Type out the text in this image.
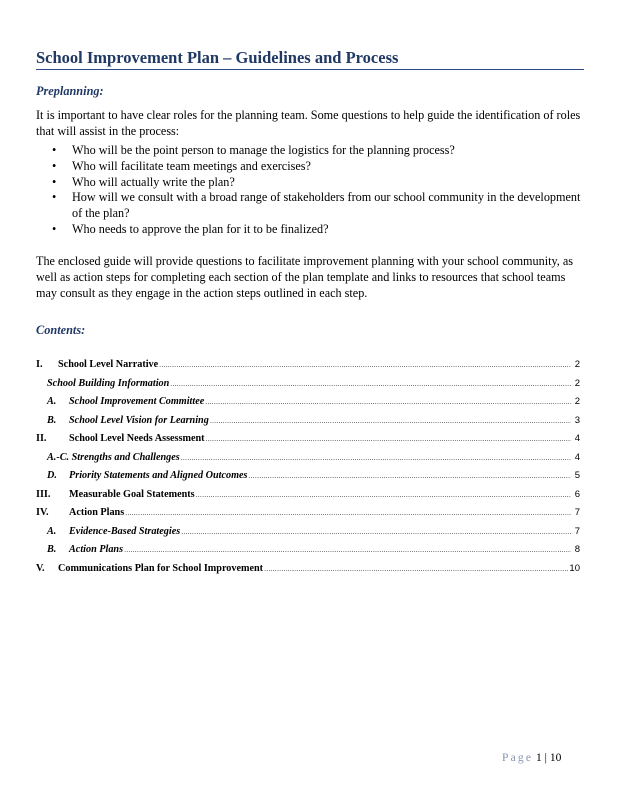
School Improvement Plan – Guidelines and Process
Preplanning:
It is important to have clear roles for the planning team. Some questions to help guide the identification of roles that will assist in the process:
• Who will be the point person to manage the logistics for the planning process?
• Who will facilitate team meetings and exercises?
• Who will actually write the plan?
• How will we consult with a broad range of stakeholders from our school community in the development of the plan?
• Who needs to approve the plan for it to be finalized?
The enclosed guide will provide questions to facilitate improvement planning with your school community, as well as action steps for completing each section of the plan template and links to resources that school teams may consult as they engage in the action steps outlined in each step.
Contents:
I.	School Level Narrative .....	2
School Building Information .....	2
A.	School Improvement Committee .....	2
B.	School Level Vision for Learning .....	3
II.	School Level Needs Assessment .....	4
A.-C. Strengths and Challenges .....	4
D.	Priority Statements and Aligned Outcomes .....	5
III.	Measurable Goal Statements .....	6
IV.	Action Plans .....	7
A.	Evidence-Based Strategies .....	7
B.	Action Plans .....	8
V.	Communications Plan for School Improvement .....	10
Page 1 | 10
